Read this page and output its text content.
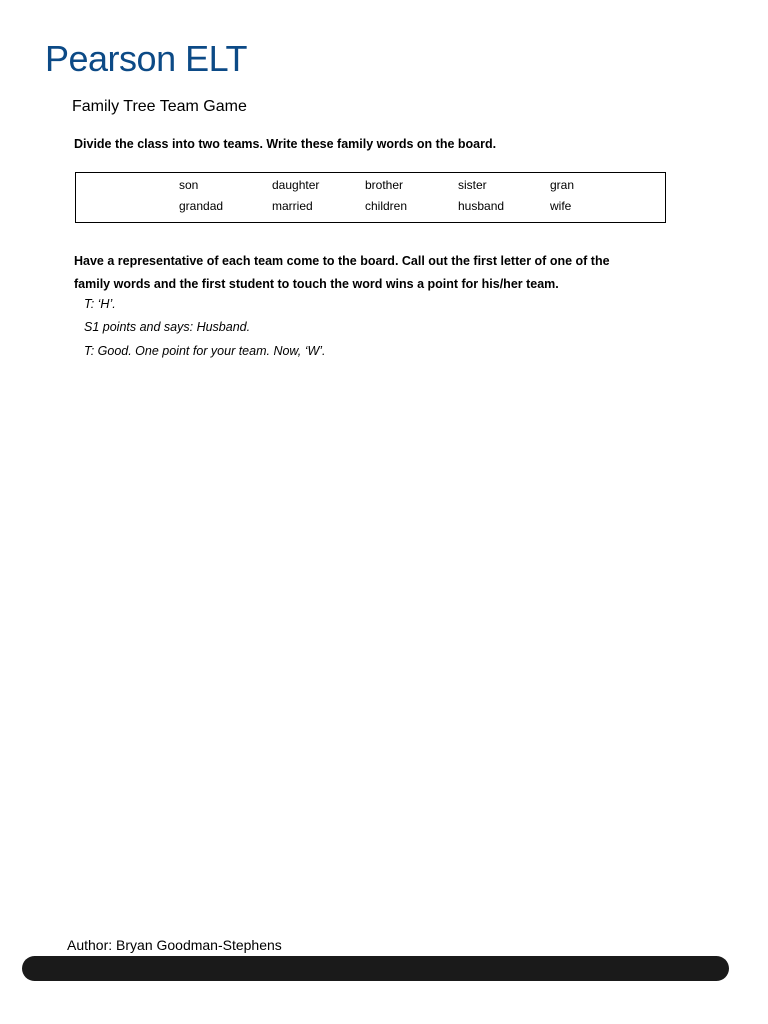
Pearson ELT
Family Tree Team Game
Divide the class into two teams. Write these family words on the board.
son	daughter	brother	sister	gran
grandad	married	children	husband	wife
Have a representative of each team come to the board. Call out the first letter of one of the
family words and the first student to touch the word wins a point for his/her team.
T: ‘H’.
S1 points and says: Husband.
T: Good. One point for your team. Now, ‘W’.
Author: Bryan Goodman-Stephens
